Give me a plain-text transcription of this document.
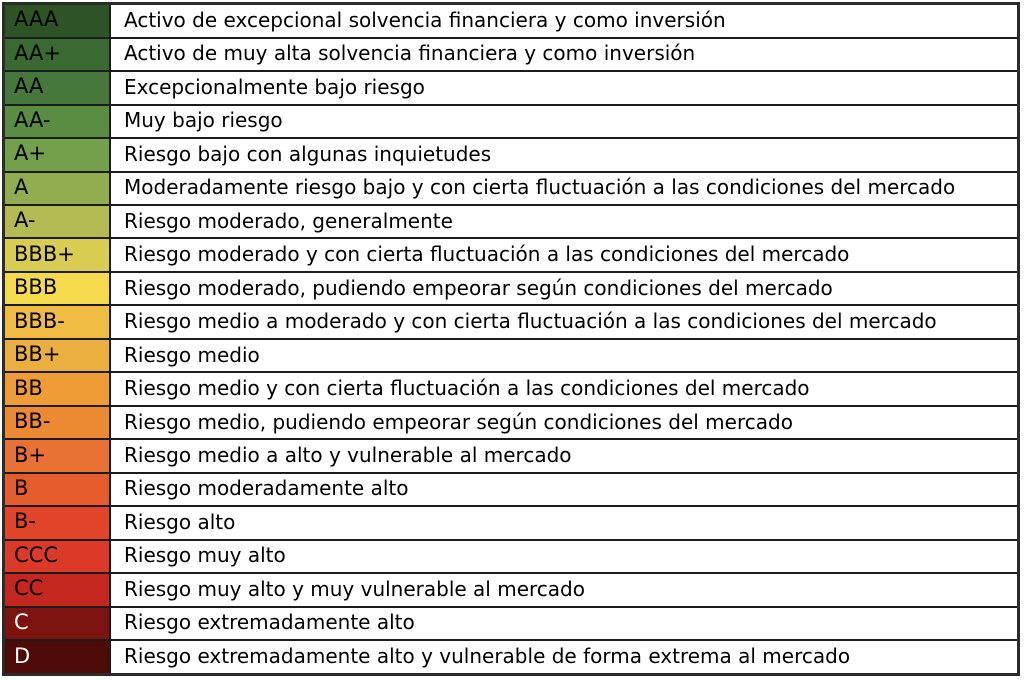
AAA	Activo de excepcional solvencia financiera y como inversión
AA+	Activo de muy alta solvencia financiera y como inversión
AA	Excepcionalmente bajo riesgo
AA-	Muy bajo riesgo
A+	Riesgo bajo con algunas inquietudes
A	Moderadamente riesgo bajo y con cierta fluctuación a las condiciones del mercado
A-	Riesgo moderado, generalmente
BBB+	Riesgo moderado y con cierta fluctuación a las condiciones del mercado
BBB	Riesgo moderado, pudiendo empeorar según condiciones del mercado
BBB-	Riesgo medio a moderado y con cierta fluctuación a las condiciones del mercado
BB+	Riesgo medio
BB	Riesgo medio y con cierta fluctuación a las condiciones del mercado
BB-	Riesgo medio, pudiendo empeorar según condiciones del mercado
B+	Riesgo medio a alto y vulnerable al mercado
B	Riesgo moderadamente alto
B-	Riesgo alto
CCC	Riesgo muy alto
CC	Riesgo muy alto y muy vulnerable al mercado
C	Riesgo extremadamente alto
D	Riesgo extremadamente alto y vulnerable de forma extrema al mercado
